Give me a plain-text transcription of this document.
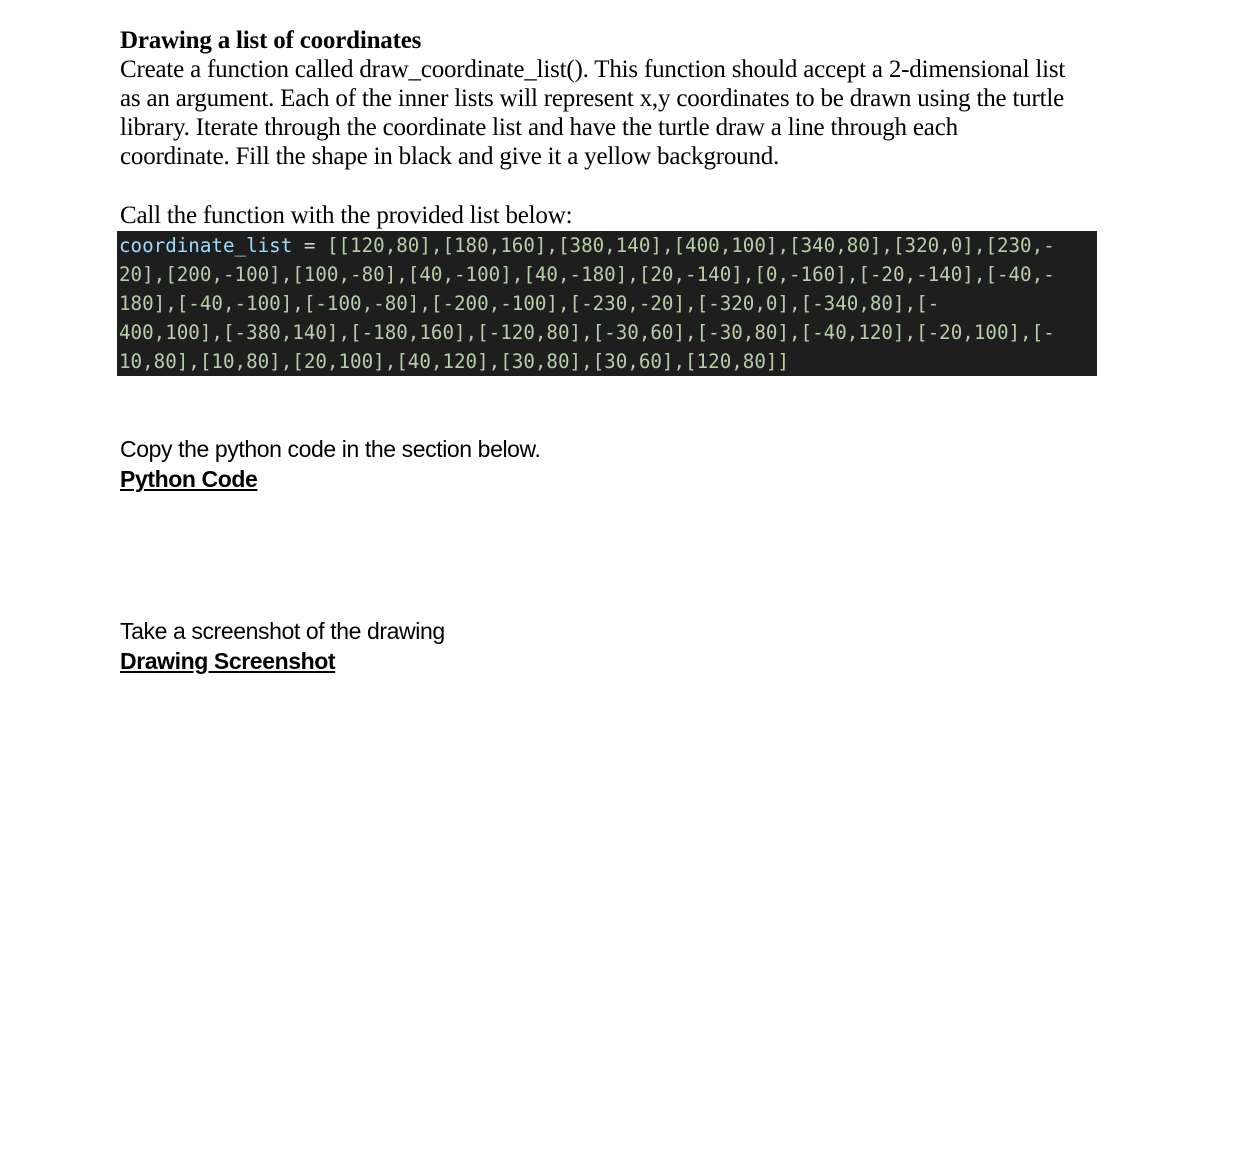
Drawing a list of coordinates
Create a function called draw_coordinate_list(). This function should accept a 2-dimensional list
as an argument. Each of the inner lists will represent x,y coordinates to be drawn using the turtle
library. Iterate through the coordinate list and have the turtle draw a line through each
coordinate. Fill the shape in black and give it a yellow background.
Call the function with the provided list below:
coordinate_list = [[120,80],[180,160],[380,140],[400,100],[340,80],[320,0],[230,-
20],[200,-100],[100,-80],[40,-100],[40,-180],[20,-140],[0,-160],[-20,-140],[-40,-
180],[-40,-100],[-100,-80],[-200,-100],[-230,-20],[-320,0],[-340,80],[-
400,100],[-380,140],[-180,160],[-120,80],[-30,60],[-30,80],[-40,120],[-20,100],[-
10,80],[10,80],[20,100],[40,120],[30,80],[30,60],[120,80]]
Copy the python code in the section below.
Python Code
Take a screenshot of the drawing
Drawing Screenshot
